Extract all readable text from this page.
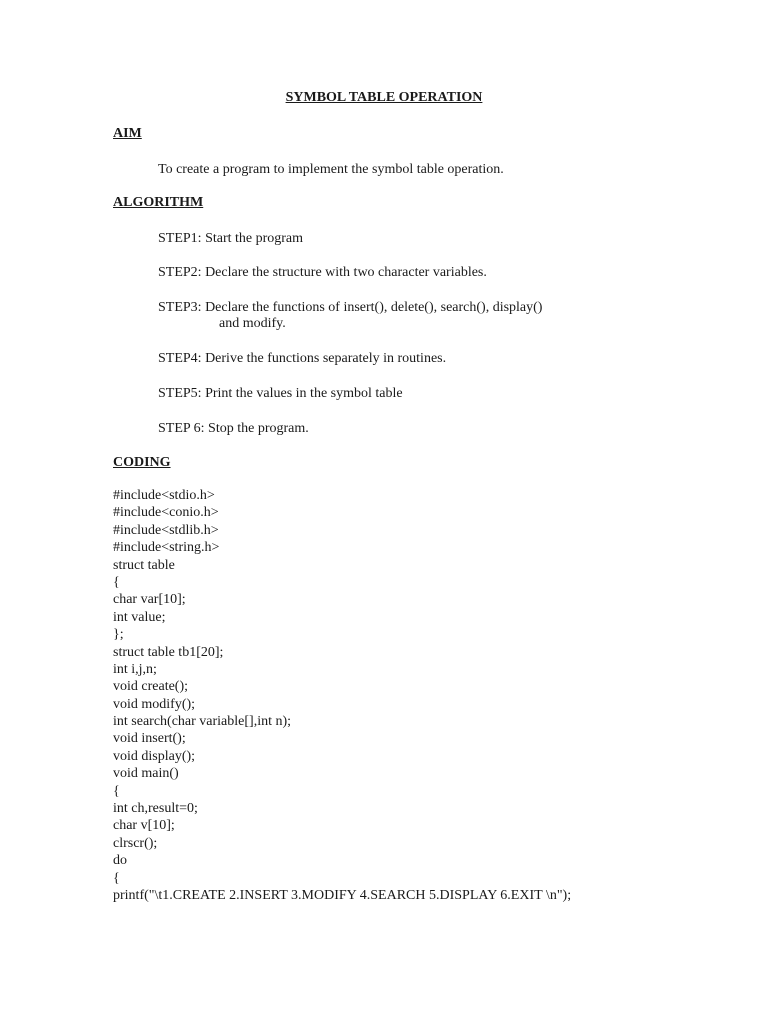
SYMBOL TABLE OPERATION
AIM
To create a program to implement the symbol table operation.
ALGORITHM
STEP1: Start the program
STEP2: Declare the structure with two character variables.
STEP3: Declare the functions of insert(), delete(), search(), display()
and modify.
STEP4: Derive the functions separately in routines.
STEP5: Print the values in the symbol table
STEP 6: Stop the program.
CODING
#include<stdio.h>
#include<conio.h>
#include<stdlib.h>
#include<string.h>
struct table
{
char var[10];
int value;
};
struct table tb1[20];
int i,j,n;
void create();
void modify();
int search(char variable[],int n);
void insert();
void display();
void main()
{
int ch,result=0;
char v[10];
clrscr();
do
{
printf("\t1.CREATE 2.INSERT 3.MODIFY 4.SEARCH 5.DISPLAY 6.EXIT \n");
